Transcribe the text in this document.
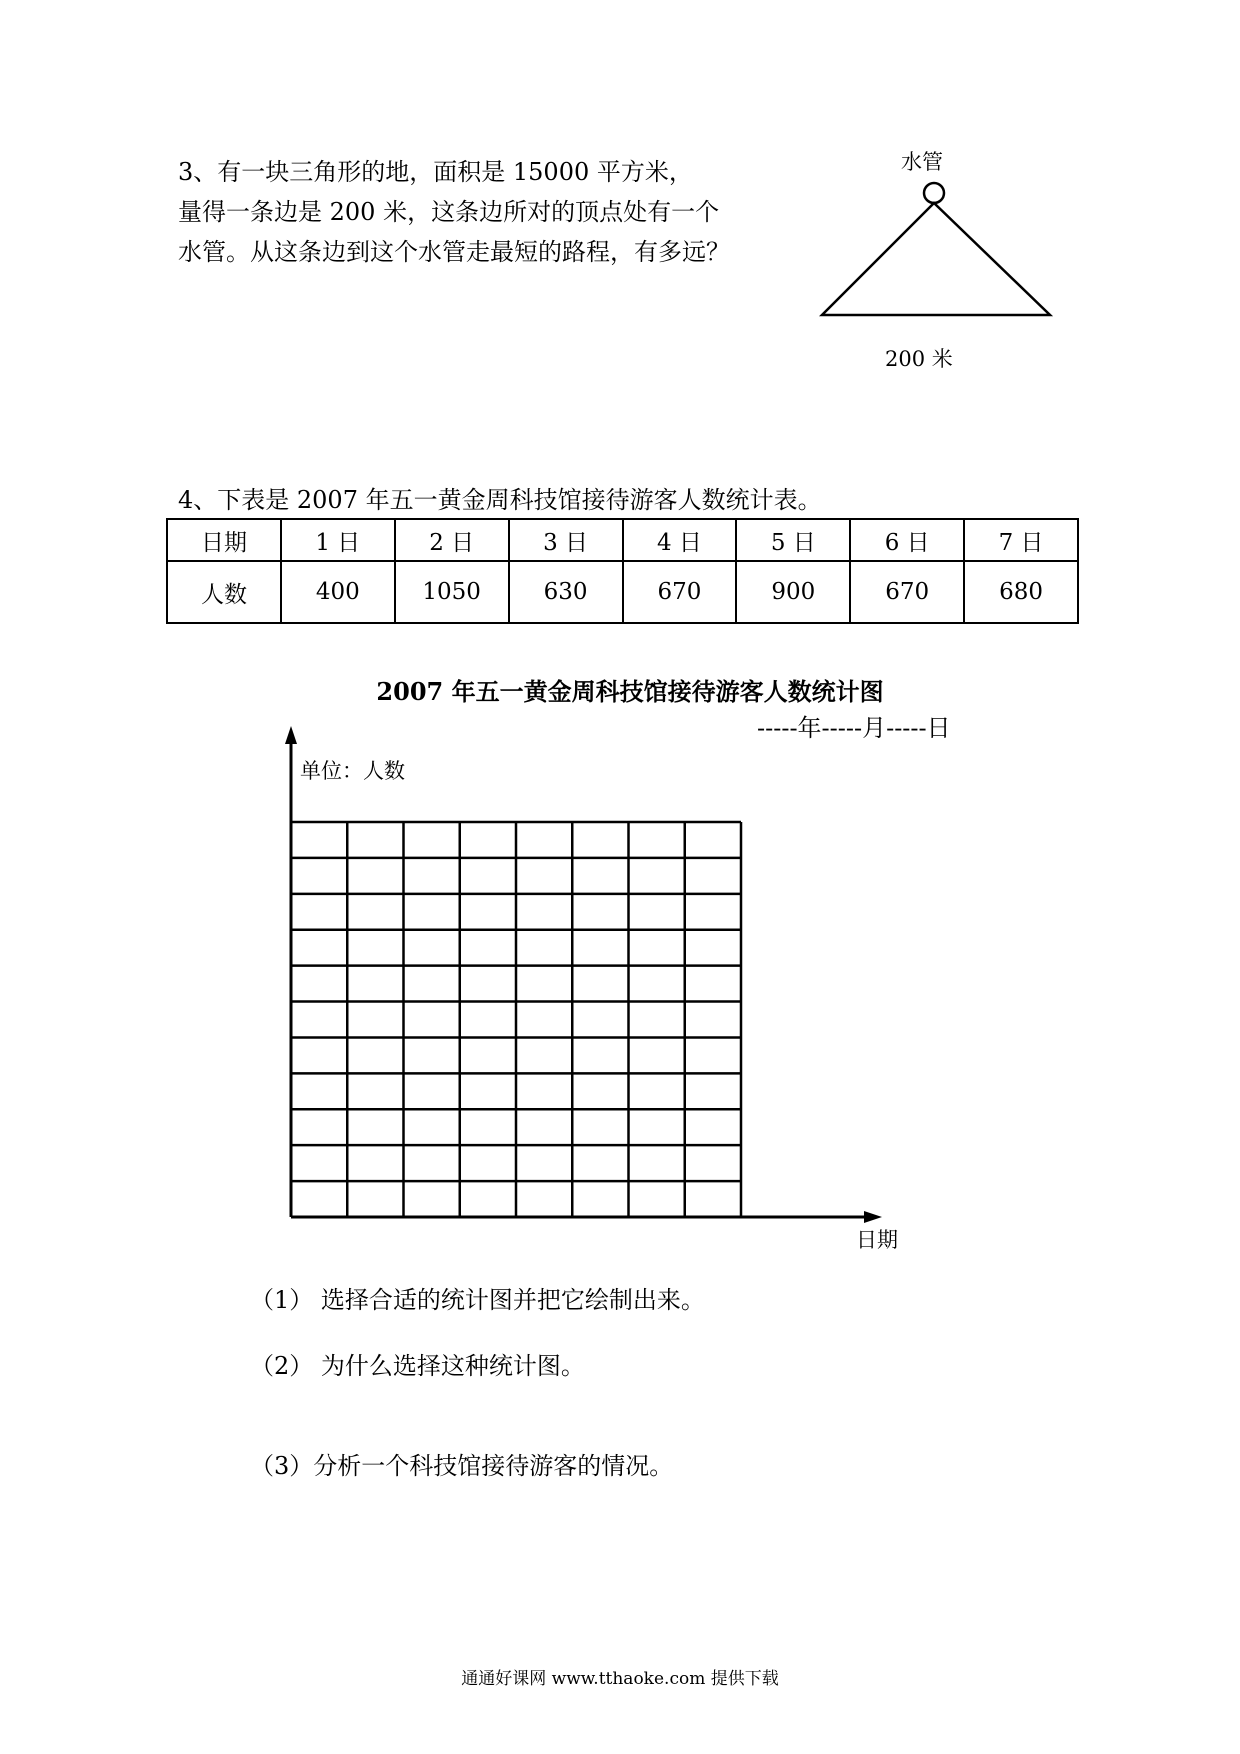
3、有一块三角形的地，面积是 15000 平方米，
量得一条边是 200 米，这条边所对的顶点处有一个
水管。从这条边到这个水管走最短的路程，有多远？
水管
200 米
4、下表是 2007 年五一黄金周科技馆接待游客人数统计表。
日期	1 日	2 日	3 日	4 日	5 日	6 日	7 日
人数	400	1050	630	670	900	670	680
2007 年五一黄金周科技馆接待游客人数统计图
-----年-----月-----日
单位：人数
日期
（1） 选择合适的统计图并把它绘制出来。
（2） 为什么选择这种统计图。
（3）分析一个科技馆接待游客的情况。
通通好课网 www.tthaoke.com 提供下载
